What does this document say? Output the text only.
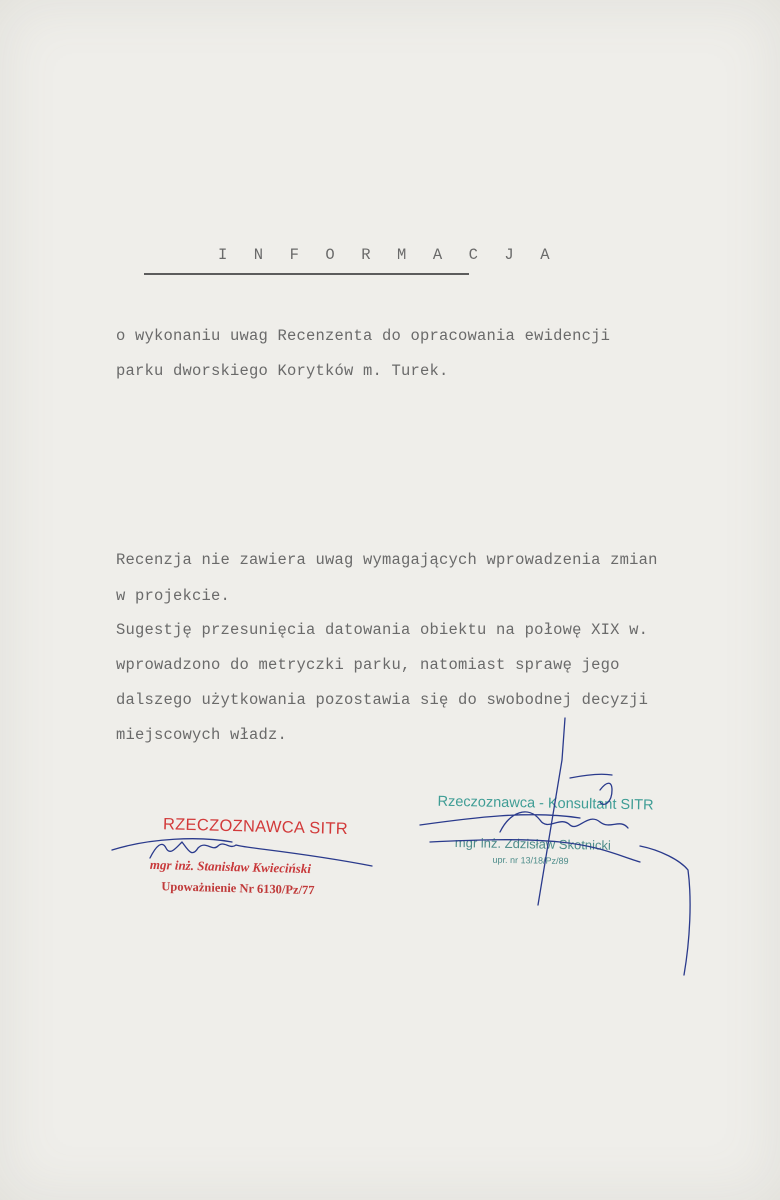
I N F O R M A C J A
o wykonaniu uwag Recenzenta do opracowania ewidencji
parku dworskiego Korytków m. Turek.
Recenzja nie zawiera uwag wymagających wprowadzenia zmian
w projekcie.
Sugestję przesunięcia datowania obiektu na połowę XIX w.
wprowadzono do metryczki parku, natomiast sprawę jego
dalszego użytkowania pozostawia się do swobodnej decyzji
miejscowych władz.
RZECZOZNAWCA SITR
mgr inż. Stanisław Kwieciński
Upoważnienie Nr 6130/Pz/77
Rzeczoznawca - Konsultant SITR
mgr inż. Zdzisław Skotnicki
upr. nr 13/18/Pz/89
